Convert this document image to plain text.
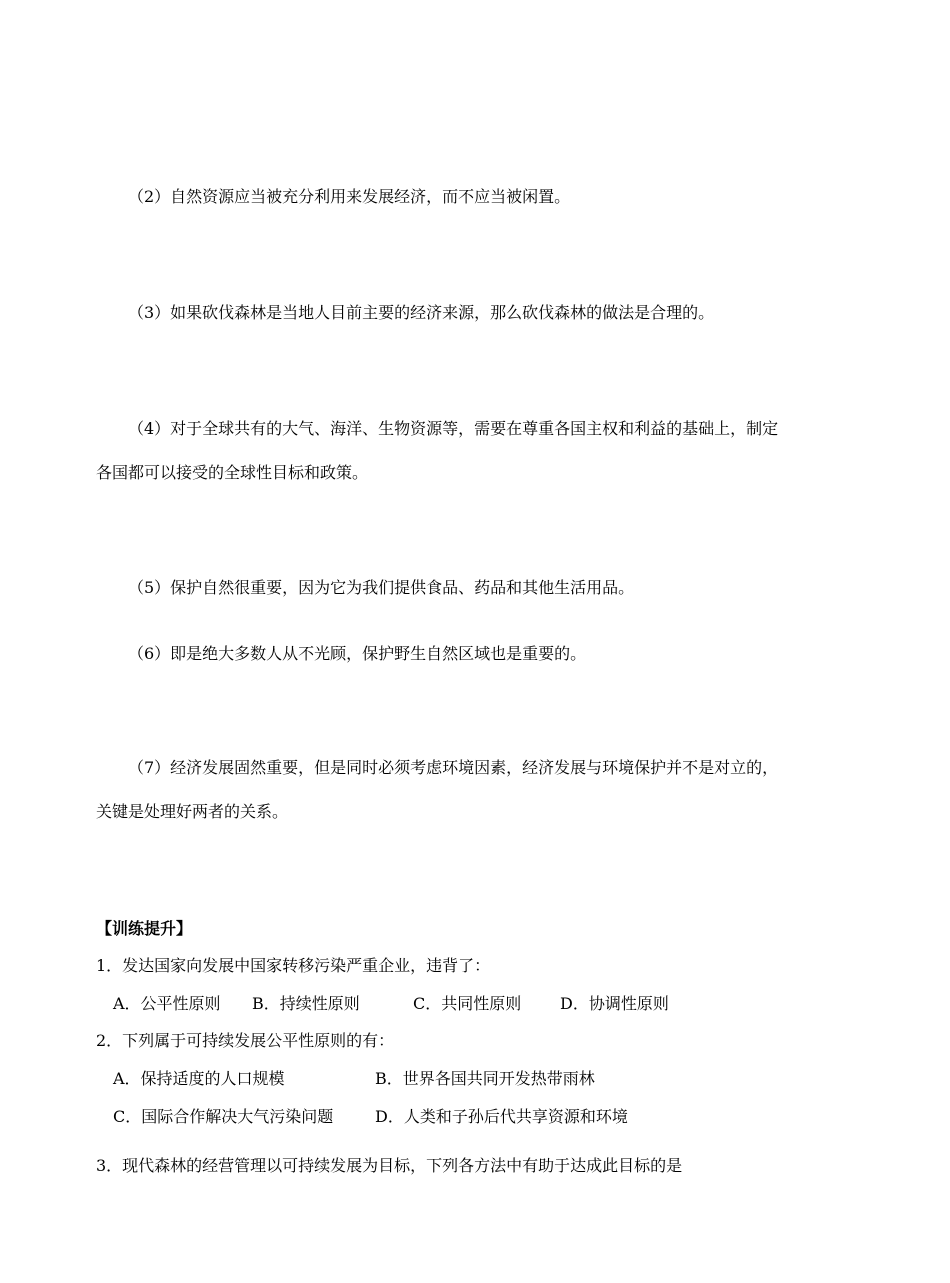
（2）自然资源应当被充分利用来发展经济，而不应当被闲置。
（3）如果砍伐森林是当地人目前主要的经济来源，那么砍伐森林的做法是合理的。
（4）对于全球共有的大气、海洋、生物资源等，需要在尊重各国主权和利益的基础上，制定
各国都可以接受的全球性目标和政策。
（5）保护自然很重要，因为它为我们提供食品、药品和其他生活用品。
（6）即是绝大多数人从不光顾，保护野生自然区域也是重要的。
（7）经济发展固然重要，但是同时必须考虑环境因素，经济发展与环境保护并不是对立的，
关键是处理好两者的关系。
【训练提升】
1．发达国家向发展中国家转移污染严重企业，违背了：
A．公平性原则 B．持续性原则	C．共同性原则 D．协调性原则
2．下列属于可持续发展公平性原则的有：
A．保持适度的人口规模	B．世界各国共同开发热带雨林
C．国际合作解决大气污染问题	D．人类和子孙后代共享资源和环境
3．现代森林的经营管理以可持续发展为目标，下列各方法中有助于达成此目标的是
